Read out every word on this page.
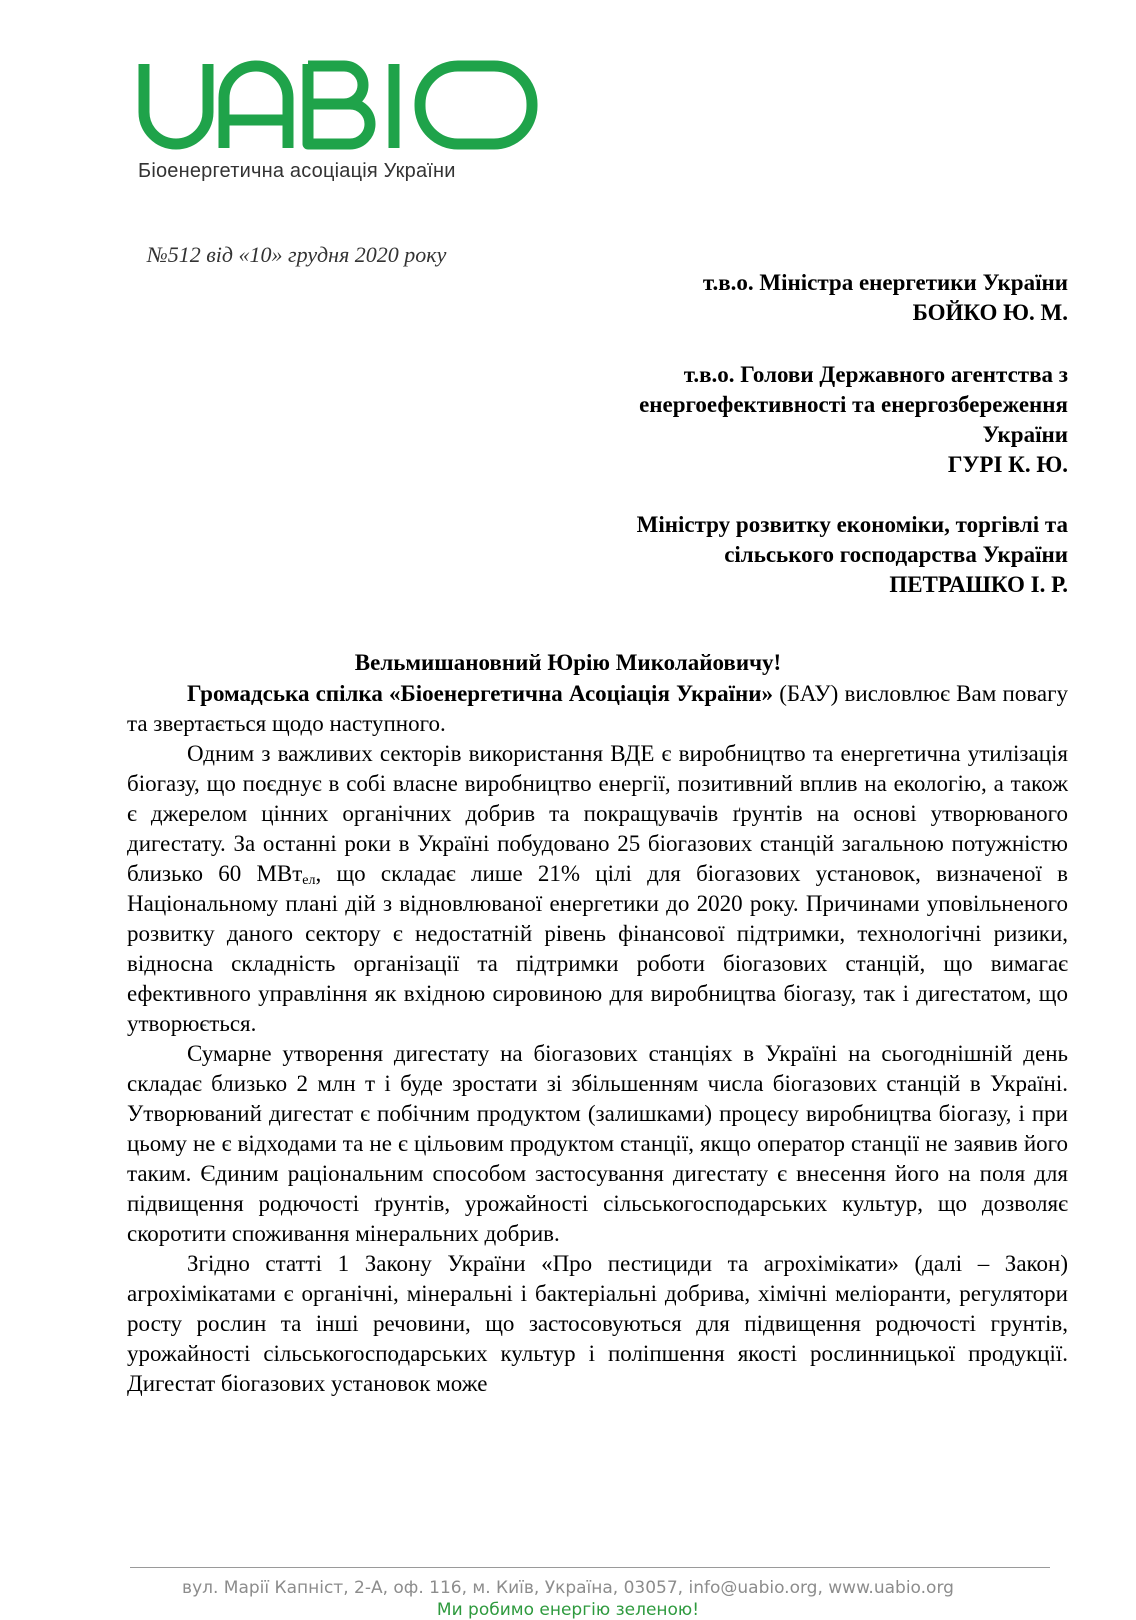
Біоенергетична асоціація України
№512 від «10» грудня 2020 року
т.в.о. Міністра енергетики України
БОЙКО Ю. М.
т.в.о. Голови Державного агентства з
енергоефективності та енергозбереження
України
ГУРІ К. Ю.
Міністру розвитку економіки, торгівлі та
сільського господарства України
ПЕТРАШКО І. Р.
Вельмишановний Юрію Миколайовичу!

Громадська спілка «Біоенергетична Асоціація України» (БАУ) висловлює Вам повагу та звертається щодо наступного.

Одним з важливих секторів використання ВДЕ є виробництво та енергетична утилізація біогазу, що поєднує в собі власне виробництво енергії, позитивний вплив на екологію, а також є джерелом цінних органічних добрив та покращувачів ґрунтів на основі утворюваного дигестату. За останні роки в Україні побудовано 25 біогазових станцій загальною потужністю близько 60 МВт$_{ел}$, що складає лише 21% цілі для біогазових установок, визначеної в Національному плані дій з відновлюваної енергетики до 2020 року. Причинами уповільненого розвитку даного сектору є недостатній рівень фінансової підтримки, технологічні ризики, відносна складність організації та підтримки роботи біогазових станцій, що вимагає ефективного управління як вхідною сировиною для виробництва біогазу, так і дигестатом, що утворюється.

Сумарне утворення дигестату на біогазових станціях в Україні на сьогоднішній день складає близько 2 млн т і буде зростати зі збільшенням числа біогазових станцій в Україні. Утворюваний дигестат є побічним продуктом (залишками) процесу виробництва біогазу, і при цьому не є відходами та не є цільовим продуктом станції, якщо оператор станції не заявив його таким. Єдиним раціональним способом застосування дигестату є внесення його на поля для підвищення родючості ґрунтів, урожайності сільськогосподарських культур, що дозволяє скоротити споживання мінеральних добрив.

Згідно статті 1 Закону України «Про пестициди та агрохімікати» (далі – Закон) агрохімікатами є органічні, мінеральні і бактеріальні добрива, хімічні меліоранти, регулятори росту рослин та інші речовини, що застосовуються для підвищення родючості грунтів, урожайності сільськогосподарських культур і поліпшення якості рослинницької продукції. Дигестат біогазових установок може

вул. Марії Капніст, 2-А, оф. 116, м. Київ, Україна, 03057, info@uabio.org, www.uabio.org
Ми робимо енергію зеленою!
